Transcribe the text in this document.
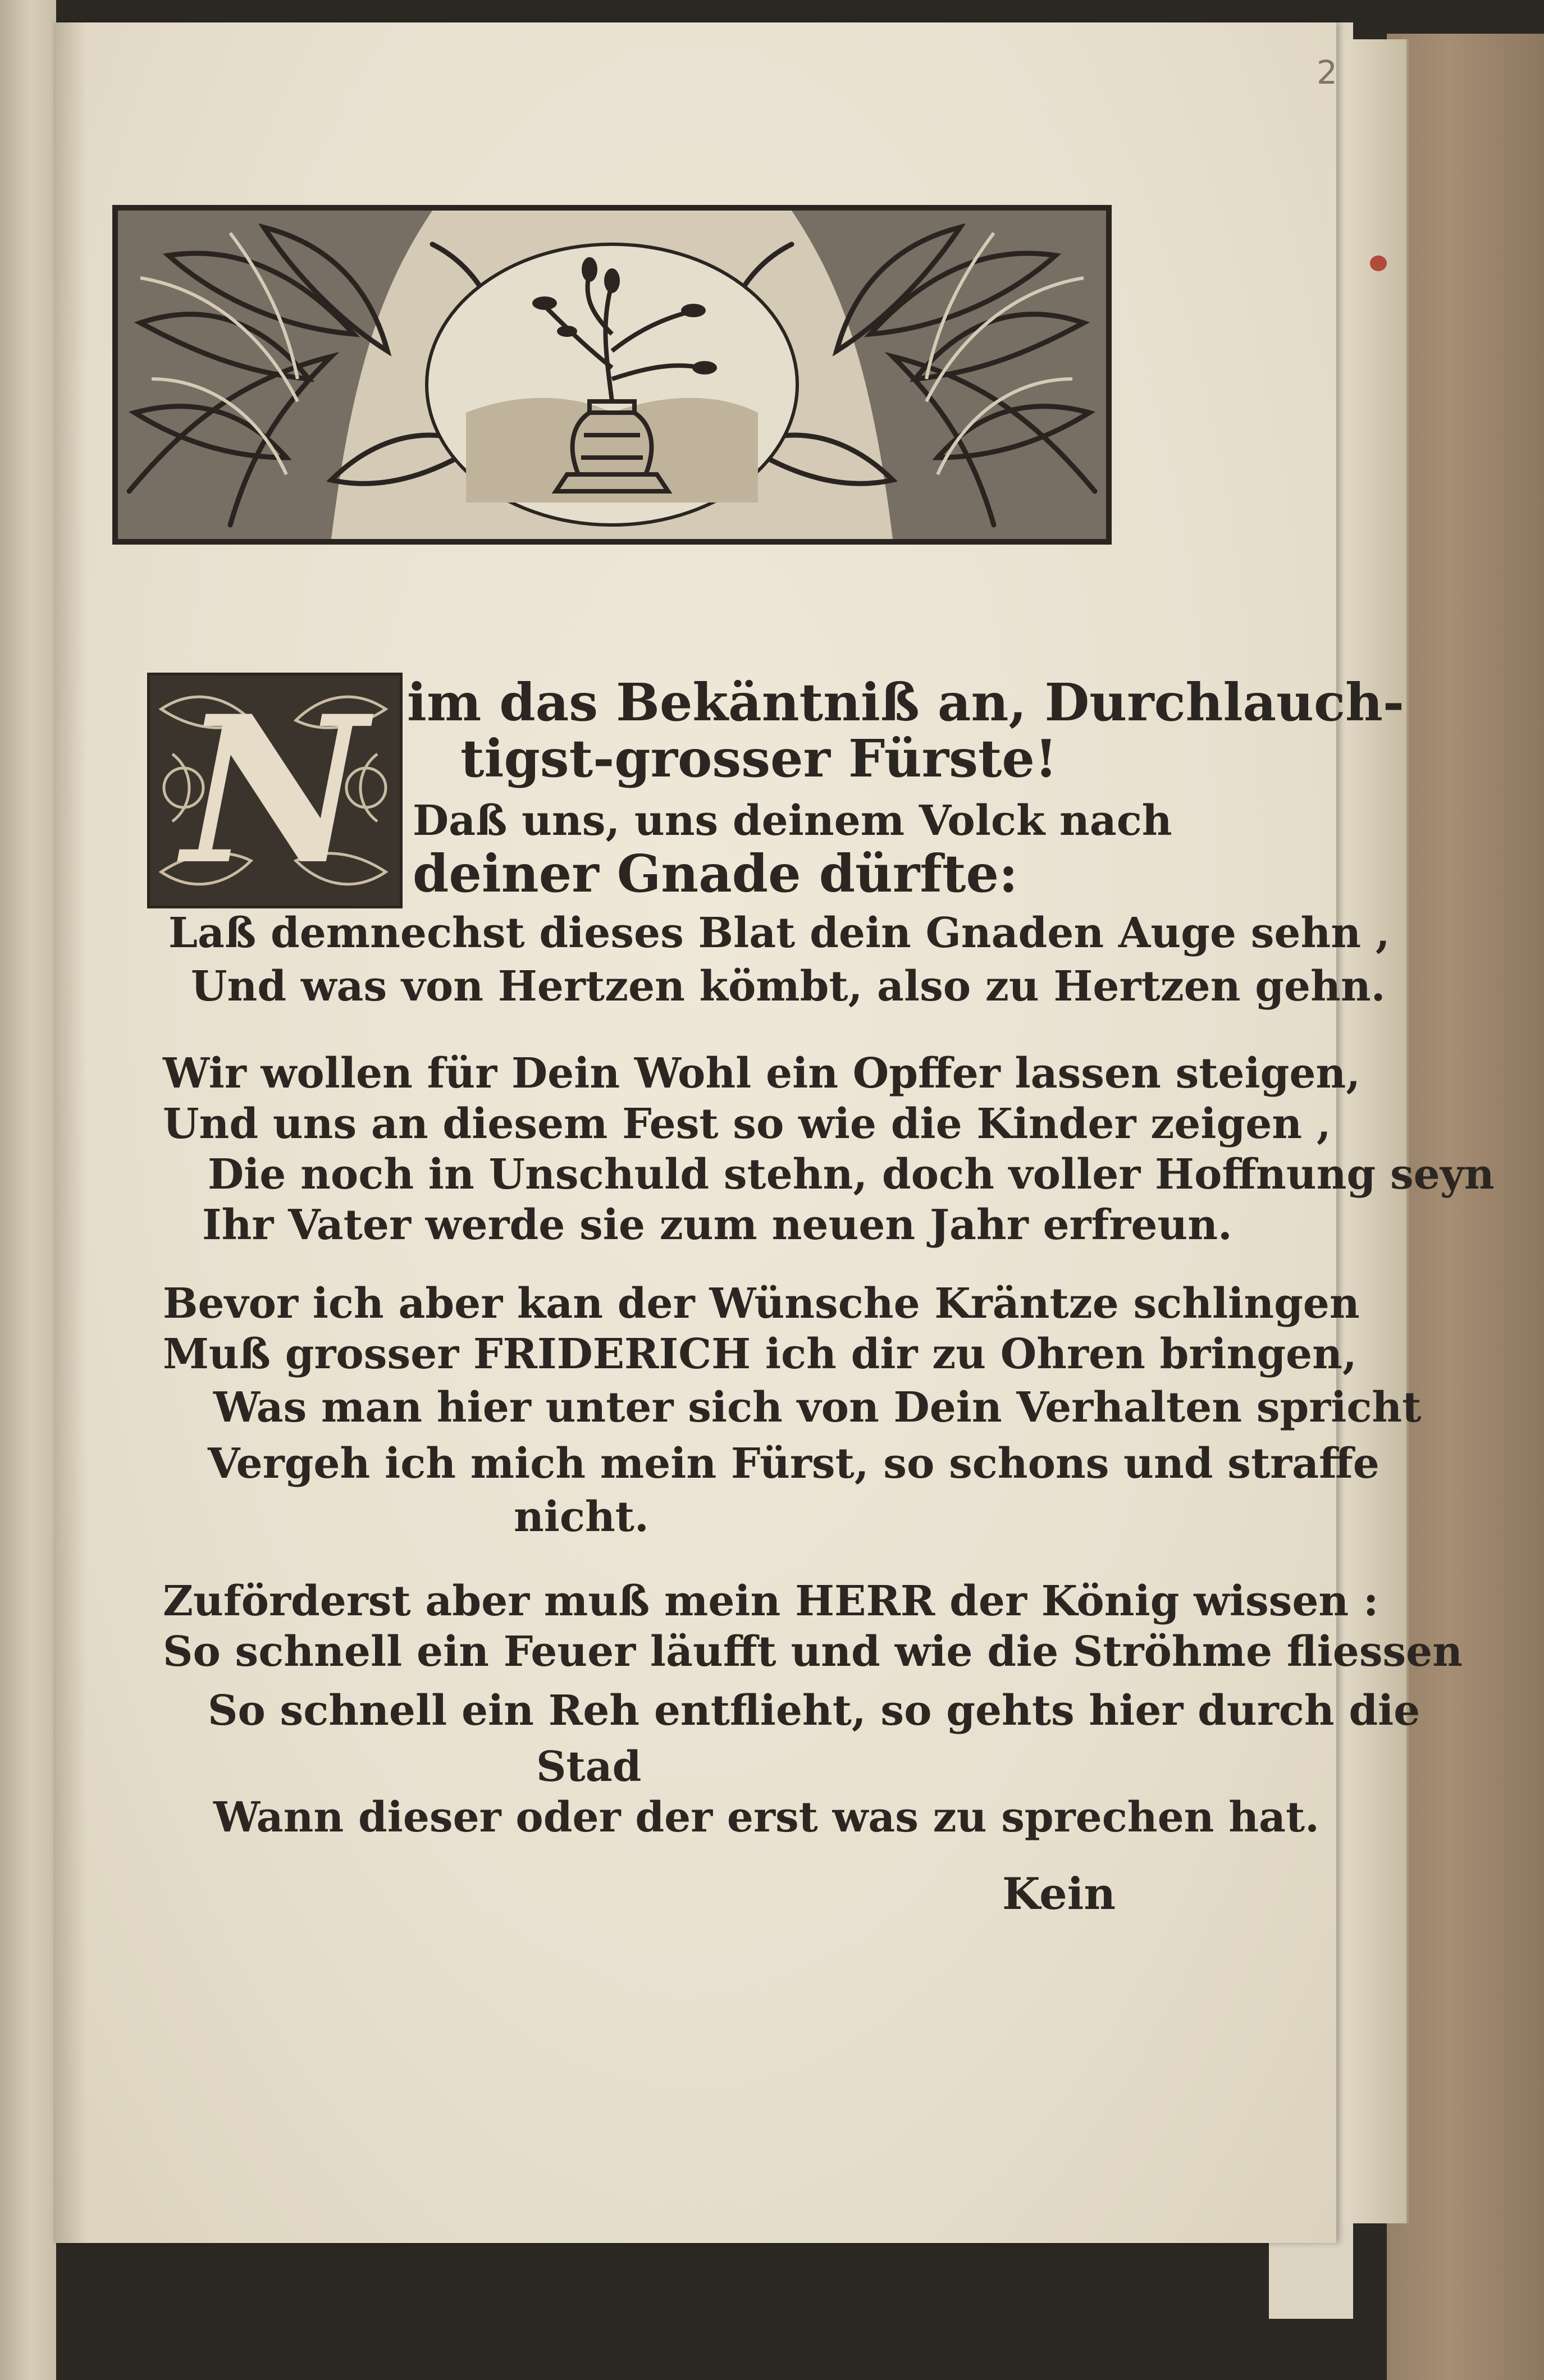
2
N im das Bekäntniß an, Durchlauch-
tigst-grosser Fürste!
Daß uns, uns deinem Volck nach
deiner Gnade dürfte:
Laß demnechst dieses Blat dein Gnaden Auge sehn ,
Und was von Hertzen kömbt, also zu Hertzen gehn.
Wir wollen für Dein Wohl ein Opffer lassen steigen,
Und uns an diesem Fest so wie die Kinder zeigen ,
Die noch in Unschuld stehn, doch voller Hoffnung seyn
Ihr Vater werde sie zum neuen Jahr erfreun.
Bevor ich aber kan der Wünsche Kräntze schlingen
Muß grosser FRIDERICH ich dir zu Ohren bringen,
Was man hier unter sich von Dein Verhalten spricht
Vergeh ich mich mein Fürst, so schons und straffe
nicht.
Zuförderst aber muß mein HERR der König wissen :
So schnell ein Feuer läufft und wie die Ströhme fliessen
So schnell ein Reh entflieht, so gehts hier durch die
Stad
Wann dieser oder der erst was zu sprechen hat.
Kein
